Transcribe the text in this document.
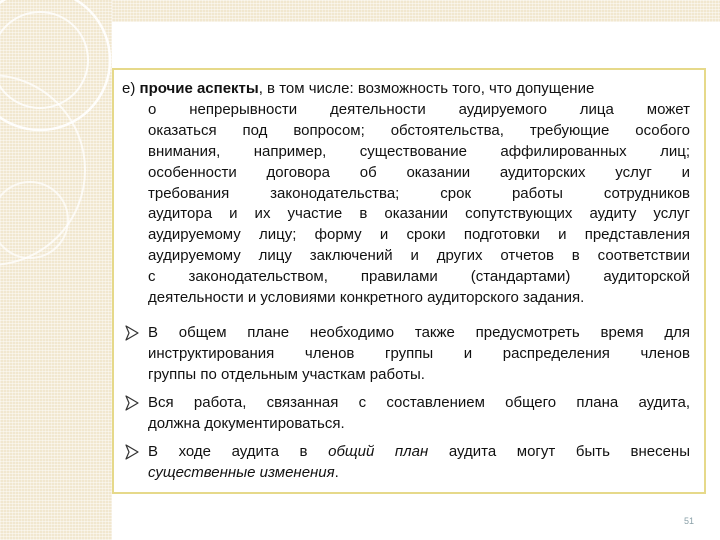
е) прочие аспекты, в том числе: возможность того, что допущение
о непрерывности деятельности аудируемого лица может
оказаться под вопросом; обстоятельства, требующие особого
внимания, например, существование аффилированных лиц;
особенности договора об оказании аудиторских услуг и
требования законодательства; срок работы сотрудников
аудитора и их участие в оказании сопутствующих аудиту услуг
аудируемому лицу; форму и сроки подготовки и представления
аудируемому лицу заключений и других отчетов в соответствии
с законодательством, правилами (стандартами) аудиторской
деятельности и условиями конкретного аудиторского задания.
В общем плане необходимо также предусмотреть время для
инструктирования членов группы и распределения членов
группы по отдельным участкам работы.
Вся работа, связанная с составлением общего плана аудита,
должна документироваться.
В ходе аудита в общий план аудита могут быть внесены
существенные изменения.
51
